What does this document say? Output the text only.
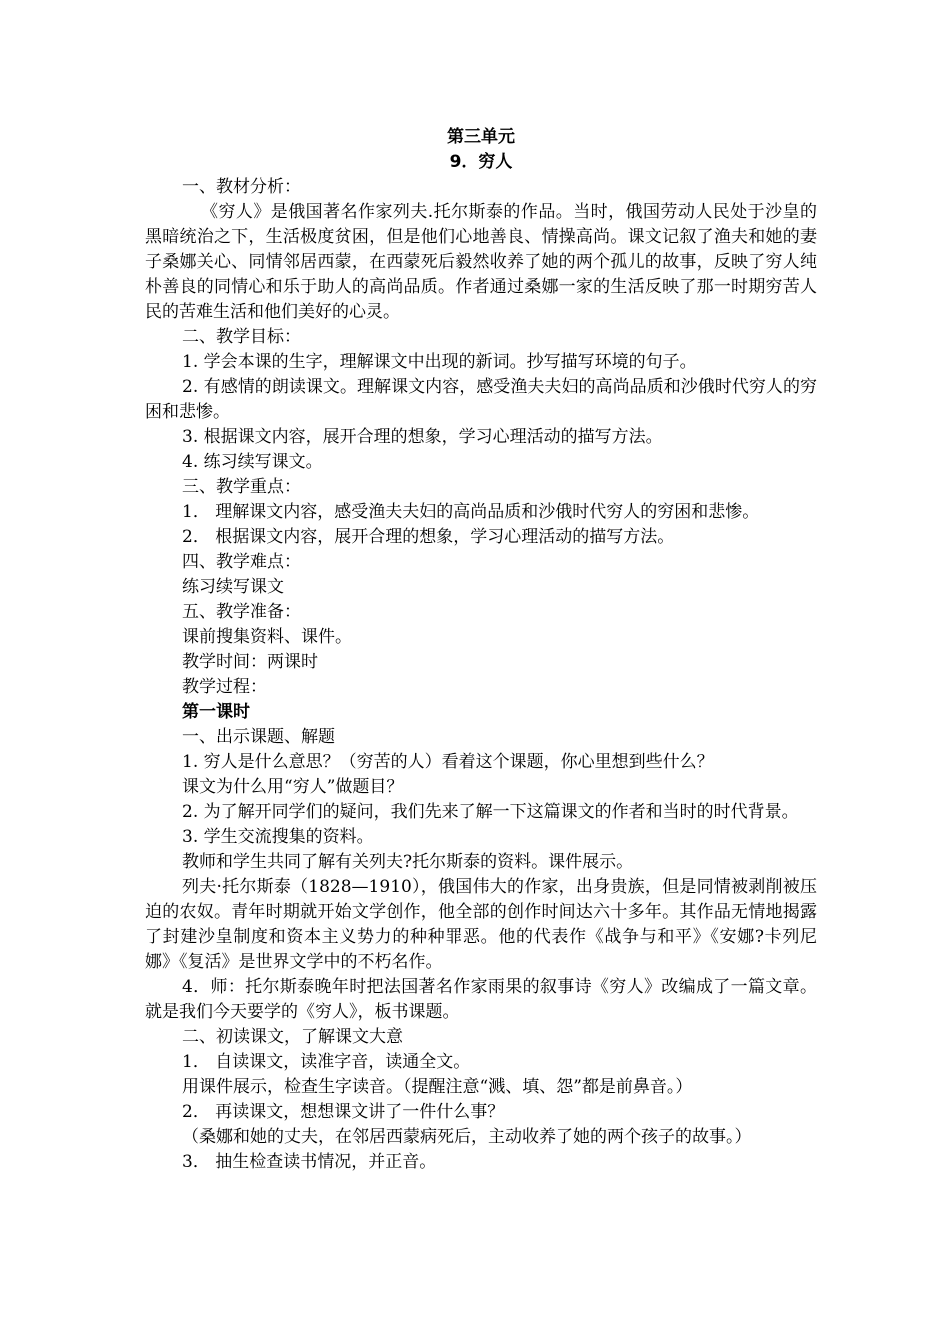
第三单元

9．穷人

一、教材分析：

《穷人》是俄国著名作家列夫.托尔斯泰的作品。当时，俄国劳动人民处于沙皇的黑暗统治之下，生活极度贫困，但是他们心地善良、情操高尚。课文记叙了渔夫和她的妻子桑娜关心、同情邻居西蒙，在西蒙死后毅然收养了她的两个孤儿的故事，反映了穷人纯朴善良的同情心和乐于助人的高尚品质。作者通过桑娜一家的生活反映了那一时期穷苦人民的苦难生活和他们美好的心灵。

二、教学目标：

1. 学会本课的生字，理解课文中出现的新词。抄写描写环境的句子。

2. 有感情的朗读课文。理解课文内容，感受渔夫夫妇的高尚品质和沙俄时代穷人的穷困和悲惨。

3. 根据课文内容，展开合理的想象，学习心理活动的描写方法。

4. 练习续写课文。

三、教学重点：

1． 理解课文内容，感受渔夫夫妇的高尚品质和沙俄时代穷人的穷困和悲惨。

2． 根据课文内容，展开合理的想象，学习心理活动的描写方法。

四、教学难点：

练习续写课文

五、教学准备：

课前搜集资料、课件。

教学时间：两课时

教学过程：

第一课时

一、出示课题、解题

1. 穷人是什么意思？（穷苦的人）看着这个课题，你心里想到些什么？

课文为什么用“穷人”做题目？

2. 为了解开同学们的疑问，我们先来了解一下这篇课文的作者和当时的时代背景。

3. 学生交流搜集的资料。

教师和学生共同了解有关列夫?托尔斯泰的资料。课件展示。

列夫·托尔斯泰（1828—1910），俄国伟大的作家，出身贵族，但是同情被剥削被压迫的农奴。青年时期就开始文学创作，他全部的创作时间达六十多年。其作品无情地揭露了封建沙皇制度和资本主义势力的种种罪恶。他的代表作《战争与和平》《安娜?卡列尼娜》《复活》是世界文学中的不朽名作。

4．师：托尔斯泰晚年时把法国著名作家雨果的叙事诗《穷人》改编成了一篇文章。就是我们今天要学的《穷人》，板书课题。

二、初读课文，了解课文大意

1． 自读课文，读准字音，读通全文。

用课件展示，检查生字读音。（提醒注意“溅、填、怨”都是前鼻音。）

2． 再读课文，想想课文讲了一件什么事？

（桑娜和她的丈夫，在邻居西蒙病死后，主动收养了她的两个孩子的故事。）

3． 抽生检查读书情况，并正音。
